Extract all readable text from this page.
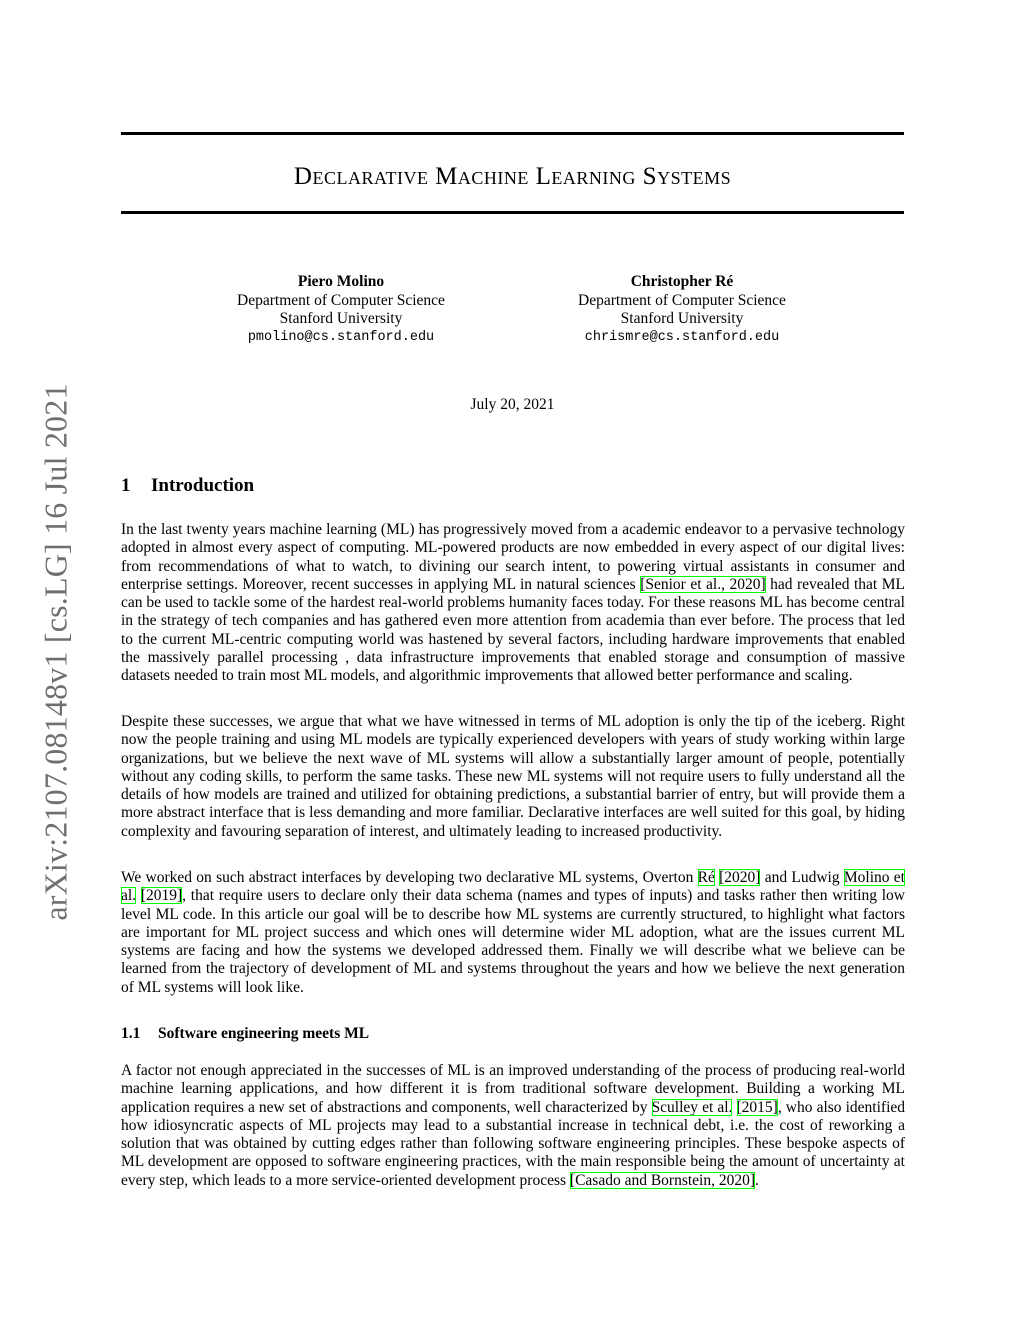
arXiv:2107.08148v1 [cs.LG] 16 Jul 2021
Declarative Machine Learning Systems
Piero Molino
Department of Computer Science
Stanford University
pmolino@cs.stanford.edu
Christopher Ré
Department of Computer Science
Stanford University
chrismre@cs.stanford.edu
July 20, 2021
1 Introduction

In the last twenty years machine learning (ML) has progressively moved from a academic endeavor to a pervasive technology adopted in almost every aspect of computing. ML-powered products are now embedded in every aspect of our digital lives: from recommendations of what to watch, to divining our search intent, to powering virtual assistants in consumer and enterprise settings. Moreover, recent successes in applying ML in natural sciences [Senior et al., 2020] had revealed that ML can be used to tackle some of the hardest real-world problems humanity faces today. For these reasons ML has become central in the strategy of tech companies and has gathered even more attention from academia than ever before. The process that led to the current ML-centric computing world was hastened by several factors, including hardware improvements that enabled the massively parallel processing , data infrastructure improvements that enabled storage and consumption of massive datasets needed to train most ML models, and algorithmic improvements that allowed better performance and scaling.

Despite these successes, we argue that what we have witnessed in terms of ML adoption is only the tip of the iceberg. Right now the people training and using ML models are typically experienced developers with years of study working within large organizations, but we believe the next wave of ML systems will allow a substantially larger amount of people, potentially without any coding skills, to perform the same tasks. These new ML systems will not require users to fully understand all the details of how models are trained and utilized for obtaining predictions, a substantial barrier of entry, but will provide them a more abstract interface that is less demanding and more familiar. Declarative interfaces are well suited for this goal, by hiding complexity and favouring separation of interest, and ultimately leading to increased productivity.

We worked on such abstract interfaces by developing two declarative ML systems, Overton Ré [2020] and Ludwig Molino et al. [2019], that require users to declare only their data schema (names and types of inputs) and tasks rather then writing low level ML code. In this article our goal will be to describe how ML systems are currently structured, to highlight what factors are important for ML project success and which ones will determine wider ML adoption, what are the issues current ML systems are facing and how the systems we developed addressed them. Finally we will describe what we believe can be learned from the trajectory of development of ML and systems throughout the years and how we believe the next generation of ML systems will look like.

1.1 Software engineering meets ML

A factor not enough appreciated in the successes of ML is an improved understanding of the process of producing real-world machine learning applications, and how different it is from traditional software development. Building a working ML application requires a new set of abstractions and components, well characterized by Sculley et al. [2015], who also identified how idiosyncratic aspects of ML projects may lead to a substantial increase in technical debt, i.e. the cost of reworking a solution that was obtained by cutting edges rather than following software engineering principles. These bespoke aspects of ML development are opposed to software engineering practices, with the main responsible being the amount of uncertainty at every step, which leads to a more service-oriented development process [Casado and Bornstein, 2020].
